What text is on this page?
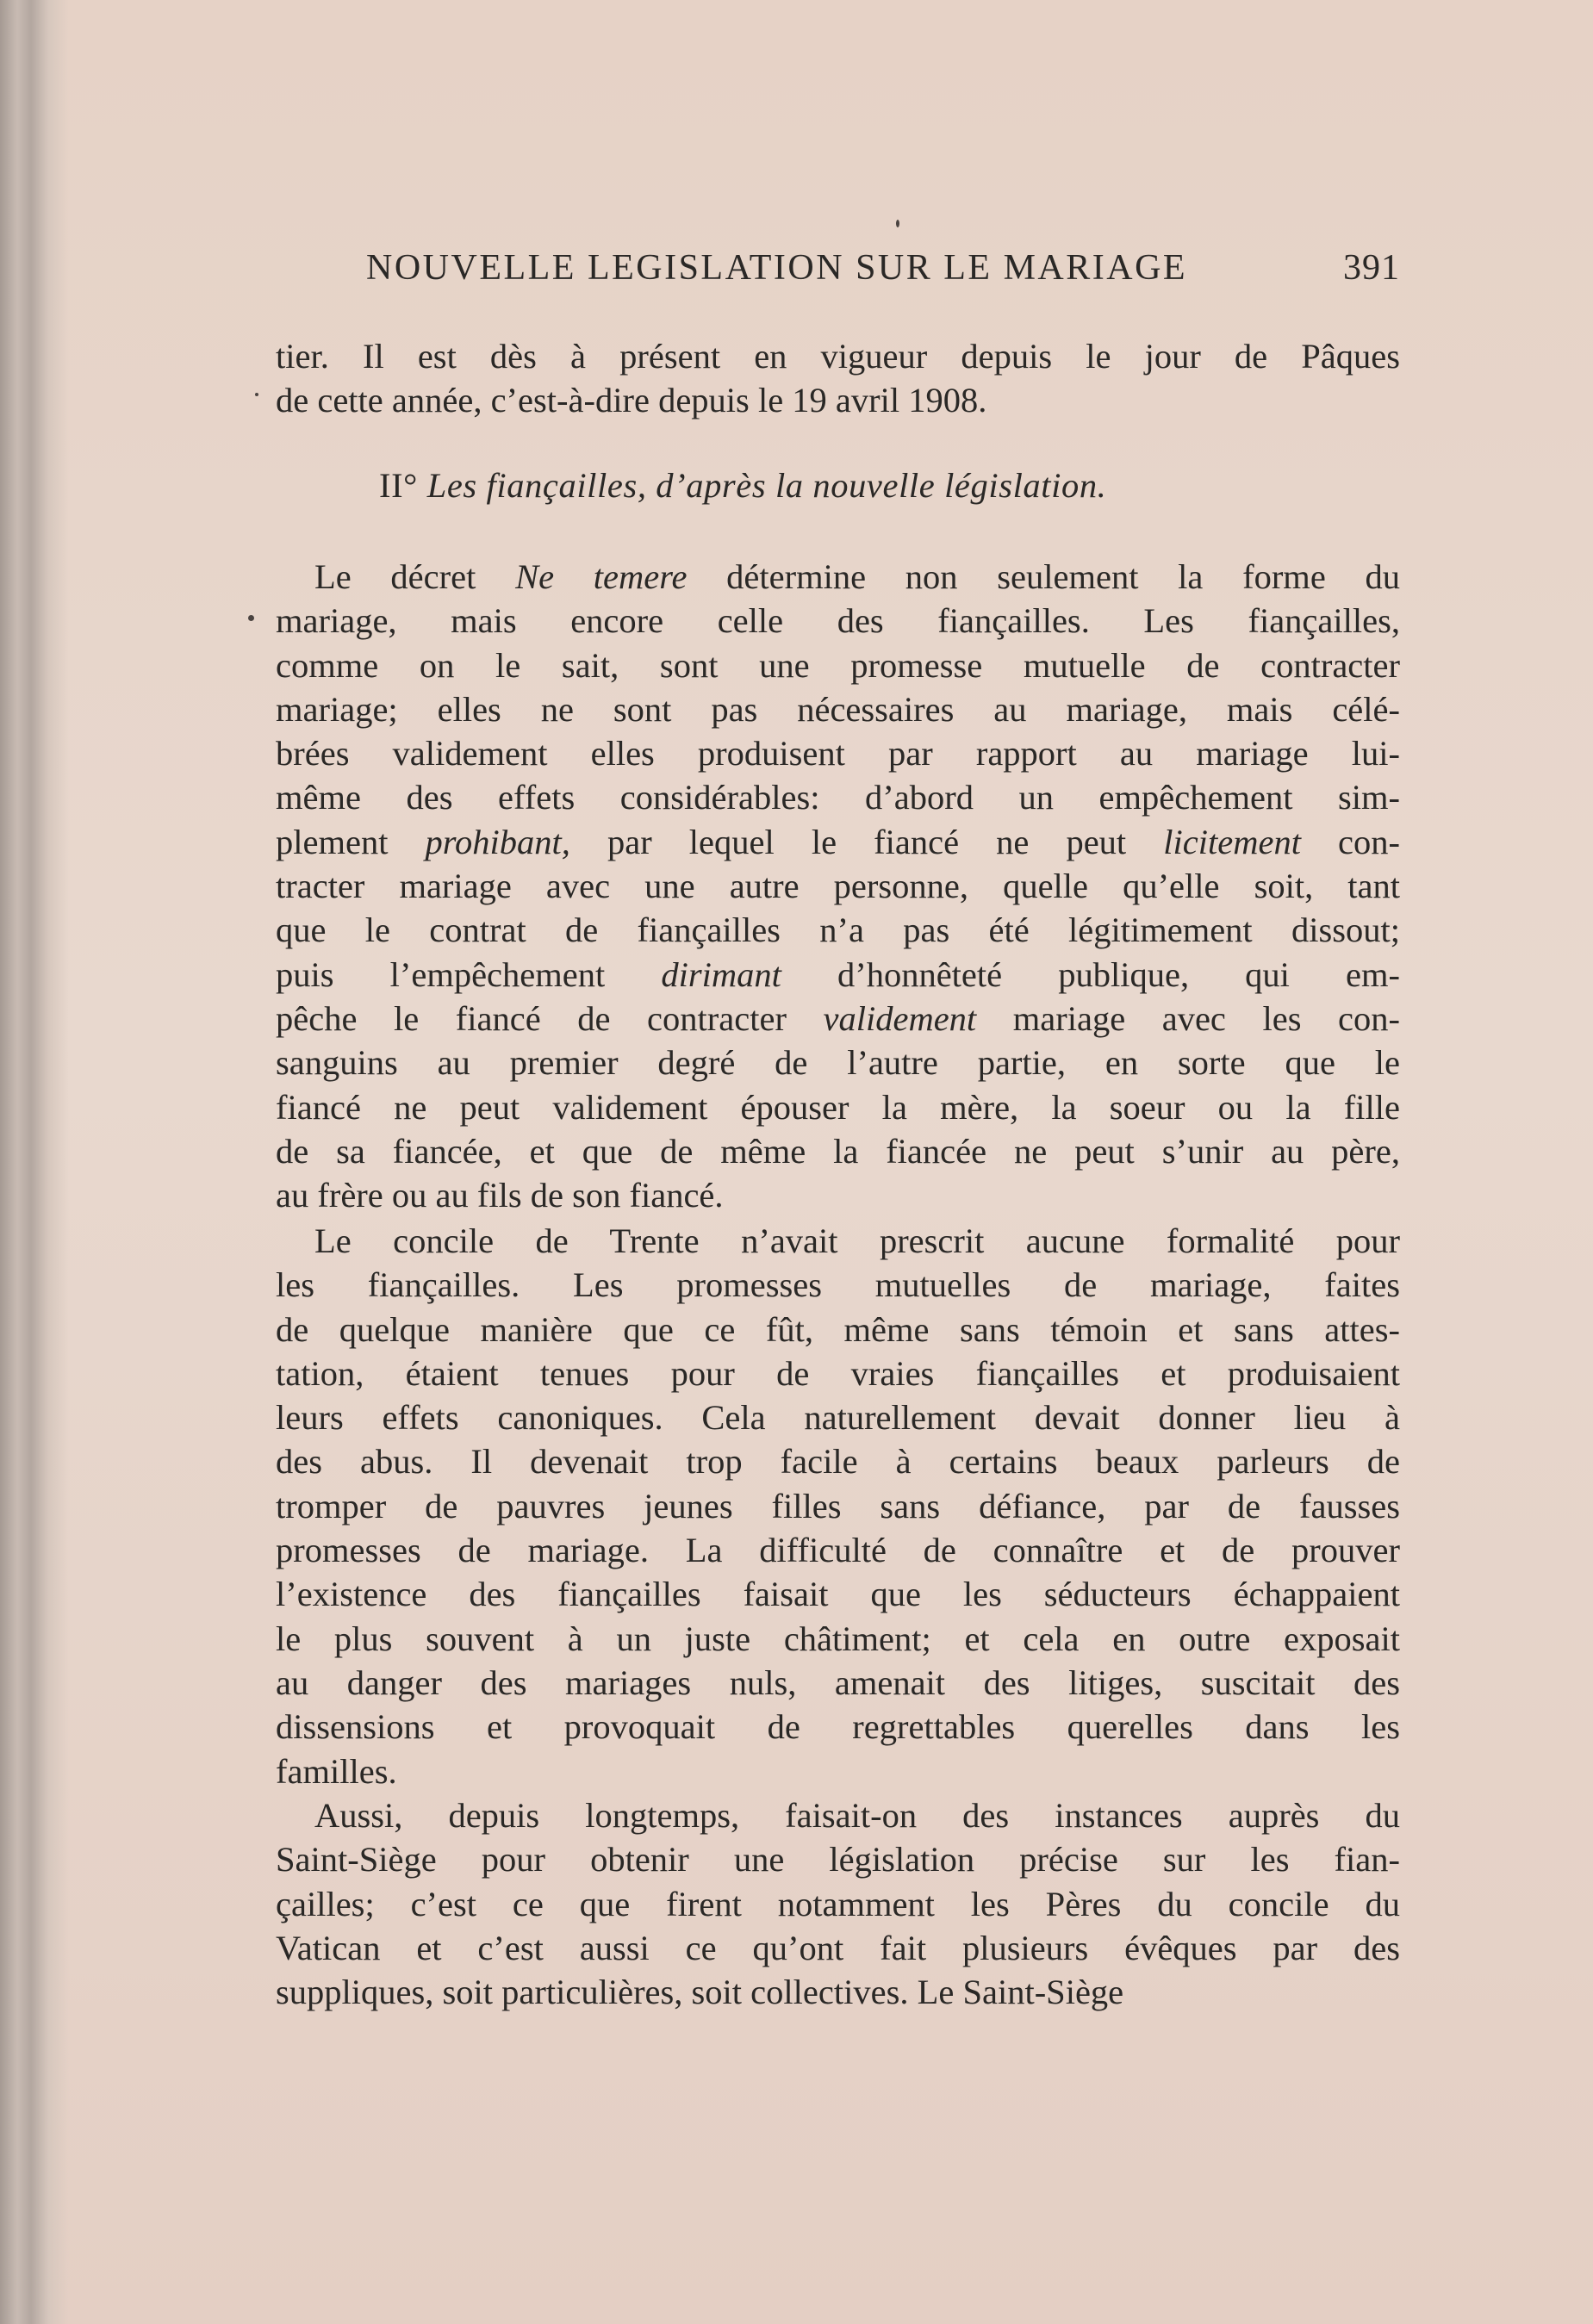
NOUVELLE LEGISLATION SUR LE MARIAGE	391
tier. Il est dès à présent en vigueur depuis le jour de Pâques
de cette année, c’est-à-dire depuis le 19 avril 1908.
II° Les fiançailles, d’après la nouvelle législation.
Le décret Ne temere détermine non seulement la forme du
mariage, mais encore celle des fiançailles. Les fiançailles,
comme on le sait, sont une promesse mutuelle de contracter
mariage; elles ne sont pas nécessaires au mariage, mais célé-
brées validement elles produisent par rapport au mariage lui-
même des effets considérables: d’abord un empêchement sim-
plement prohibant, par lequel le fiancé ne peut licitement con-
tracter mariage avec une autre personne, quelle qu’elle soit, tant
que le contrat de fiançailles n’a pas été légitimement dissout;
puis l’empêchement dirimant d’honnêteté publique, qui em-
pêche le fiancé de contracter validement mariage avec les con-
sanguins au premier degré de l’autre partie, en sorte que le
fiancé ne peut validement épouser la mère, la soeur ou la fille
de sa fiancée, et que de même la fiancée ne peut s’unir au père,
au frère ou au fils de son fiancé.
Le concile de Trente n’avait prescrit aucune formalité pour
les fiançailles. Les promesses mutuelles de mariage, faites
de quelque manière que ce fût, même sans témoin et sans attes-
tation, étaient tenues pour de vraies fiançailles et produisaient
leurs effets canoniques. Cela naturellement devait donner lieu à
des abus. Il devenait trop facile à certains beaux parleurs de
tromper de pauvres jeunes filles sans défiance, par de fausses
promesses de mariage. La difficulté de connaître et de prouver
l’existence des fiançailles faisait que les séducteurs échappaient
le plus souvent à un juste châtiment; et cela en outre exposait
au danger des mariages nuls, amenait des litiges, suscitait des
dissensions et provoquait de regrettables querelles dans les
familles.
Aussi, depuis longtemps, faisait-on des instances auprès du
Saint-Siège pour obtenir une législation précise sur les fian-
çailles; c’est ce que firent notamment les Pères du concile du
Vatican et c’est aussi ce qu’ont fait plusieurs évêques par des
suppliques, soit particulières, soit collectives. Le Saint-Siège
